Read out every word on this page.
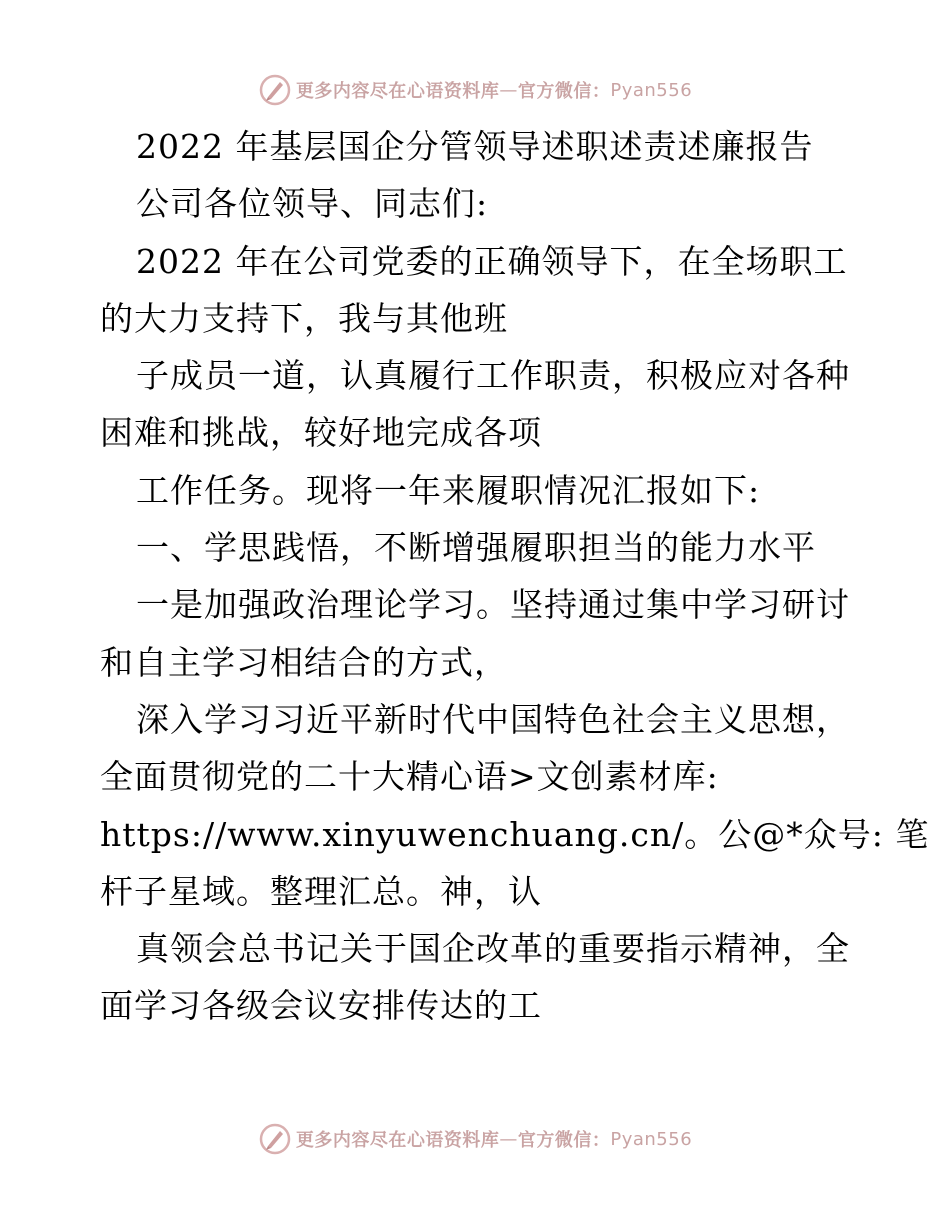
更多内容尽在心语资料库 — 官方微信： Pyan556
2022 年基层国企分管领导述职述责述廉报告
公司各位领导、同志们:
2022 年在公司党委的正确领导下，在全场职工
的大力支持下，我与其他班
子成员一道，认真履行工作职责，积极应对各种
困难和挑战，较好地完成各项
工作任务。现将一年来履职情况汇报如下:
一、学思践悟，不断增强履职担当的能力水平
一是加强政治理论学习。坚持通过集中学习研讨
和自主学习相结合的方式，
深入学习习近平新时代中国特色社会主义思想，
全面贯彻党的二十大精心语>文创素材库:
https://www.xinyuwenchuang.cn/。公@*众号: 笔
杆子星域。整理汇总。神，认
真领会总书记关于国企改革的重要指示精神，全
面学习各级会议安排传达的工
更多内容尽在心语资料库 — 官方微信： Pyan556
